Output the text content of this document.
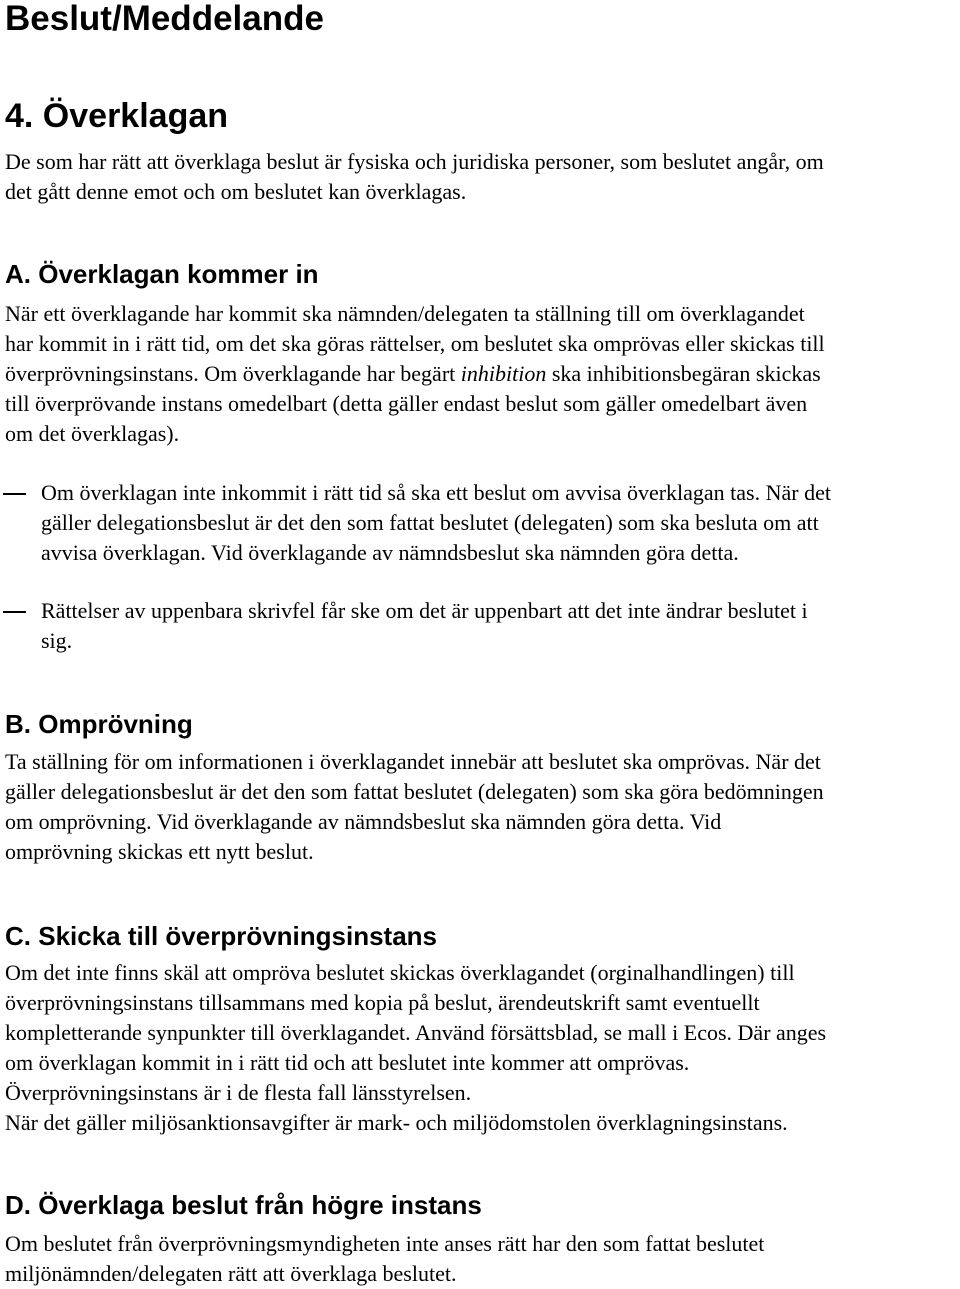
Beslut/Meddelande
4. Överklagan
De som har rätt att överklaga beslut är fysiska och juridiska personer, som beslutet angår, om
det gått denne emot och om beslutet kan överklagas.
A. Överklagan kommer in
När ett överklagande har kommit ska nämnden/delegaten ta ställning till om överklagandet
har kommit in i rätt tid, om det ska göras rättelser, om beslutet ska omprövas eller skickas till
överprövningsinstans. Om överklagande har begärt inhibition ska inhibitionsbegäran skickas
till överprövande instans omedelbart (detta gäller endast beslut som gäller omedelbart även
om det överklagas).
Om överklagan inte inkommit i rätt tid så ska ett beslut om avvisa överklagan tas. När det
gäller delegationsbeslut är det den som fattat beslutet (delegaten) som ska besluta om att
avvisa överklagan. Vid överklagande av nämndsbeslut ska nämnden göra detta.
Rättelser av uppenbara skrivfel får ske om det är uppenbart att det inte ändrar beslutet i
sig.
B. Omprövning
Ta ställning för om informationen i överklagandet innebär att beslutet ska omprövas. När det
gäller delegationsbeslut är det den som fattat beslutet (delegaten) som ska göra bedömningen
om omprövning. Vid överklagande av nämndsbeslut ska nämnden göra detta. Vid
omprövning skickas ett nytt beslut.
C. Skicka till överprövningsinstans
Om det inte finns skäl att ompröva beslutet skickas överklagandet (orginalhandlingen) till
överprövningsinstans tillsammans med kopia på beslut, ärendeutskrift samt eventuellt
kompletterande synpunkter till överklagandet. Använd försättsblad, se mall i Ecos. Där anges
om överklagan kommit in i rätt tid och att beslutet inte kommer att omprövas.
Överprövningsinstans är i de flesta fall länsstyrelsen.
När det gäller miljösanktionsavgifter är mark- och miljödomstolen överklagningsinstans.
D. Överklaga beslut från högre instans
Om beslutet från överprövningsmyndigheten inte anses rätt har den som fattat beslutet
miljönämnden/delegaten rätt att överklaga beslutet.
